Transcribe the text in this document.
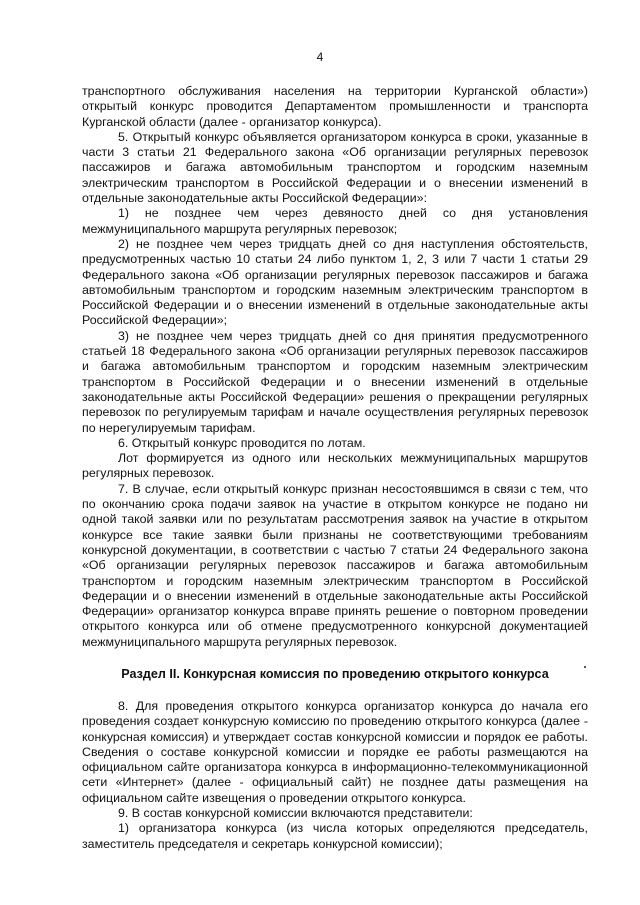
4

транспортного обслуживания населения на территории Курганской области») открытый конкурс проводится Департаментом промышленности и транспорта Курганской области (далее - организатор конкурса).

5. Открытый конкурс объявляется организатором конкурса в сроки, указанные в части 3 статьи 21 Федерального закона «Об организации регулярных перевозок пассажиров и багажа автомобильным транспортом и городским наземным электрическим транспортом в Российской Федерации и о внесении изменений в отдельные законодательные акты Российской Федерации»:

1) не позднее чем через девяносто дней со дня установления межмуниципального маршрута регулярных перевозок;

2) не позднее чем через тридцать дней со дня наступления обстоятельств, предусмотренных частью 10 статьи 24 либо пунктом 1, 2, 3 или 7 части 1 статьи 29 Федерального закона «Об организации регулярных перевозок пассажиров и багажа автомобильным транспортом и городским наземным электрическим транспортом в Российской Федерации и о внесении изменений в отдельные законодательные акты Российской Федерации»;

3) не позднее чем через тридцать дней со дня принятия предусмотренного статьей 18 Федерального закона «Об организации регулярных перевозок пассажиров и багажа автомобильным транспортом и городским наземным электрическим транспортом в Российской Федерации и о внесении изменений в отдельные законодательные акты Российской Федерации» решения о прекращении регулярных перевозок по регулируемым тарифам и начале осуществления регулярных перевозок по нерегулируемым тарифам.

6. Открытый конкурс проводится по лотам.

Лот формируется из одного или нескольких межмуниципальных маршрутов регулярных перевозок.

7. В случае, если открытый конкурс признан несостоявшимся в связи с тем, что по окончанию срока подачи заявок на участие в открытом конкурсе не подано ни одной такой заявки или по результатам рассмотрения заявок на участие в открытом конкурсе все такие заявки были признаны не соответствующими требованиям конкурсной документации, в соответствии с частью 7 статьи 24 Федерального закона «Об организации регулярных перевозок пассажиров и багажа автомобильным транспортом и городским наземным электрическим транспортом в Российской Федерации и о внесении изменений в отдельные законодательные акты Российской Федерации» организатор конкурса вправе принять решение о повторном проведении открытого конкурса или об отмене предусмотренного конкурсной документацией межмуниципального маршрута регулярных перевозок.

Раздел II. Конкурсная комиссия по проведению открытого конкурса

8. Для проведения открытого конкурса организатор конкурса до начала его проведения создает конкурсную комиссию по проведению открытого конкурса (далее - конкурсная комиссия) и утверждает состав конкурсной комиссии и порядок ее работы. Сведения о составе конкурсной комиссии и порядке ее работы размещаются на официальном сайте организатора конкурса в информационно-телекоммуникационной сети «Интернет» (далее - официальный сайт) не позднее даты размещения на официальном сайте извещения о проведении открытого конкурса.

9. В состав конкурсной комиссии включаются представители:

1) организатора конкурса (из числа которых определяются председатель, заместитель председателя и секретарь конкурсной комиссии);
